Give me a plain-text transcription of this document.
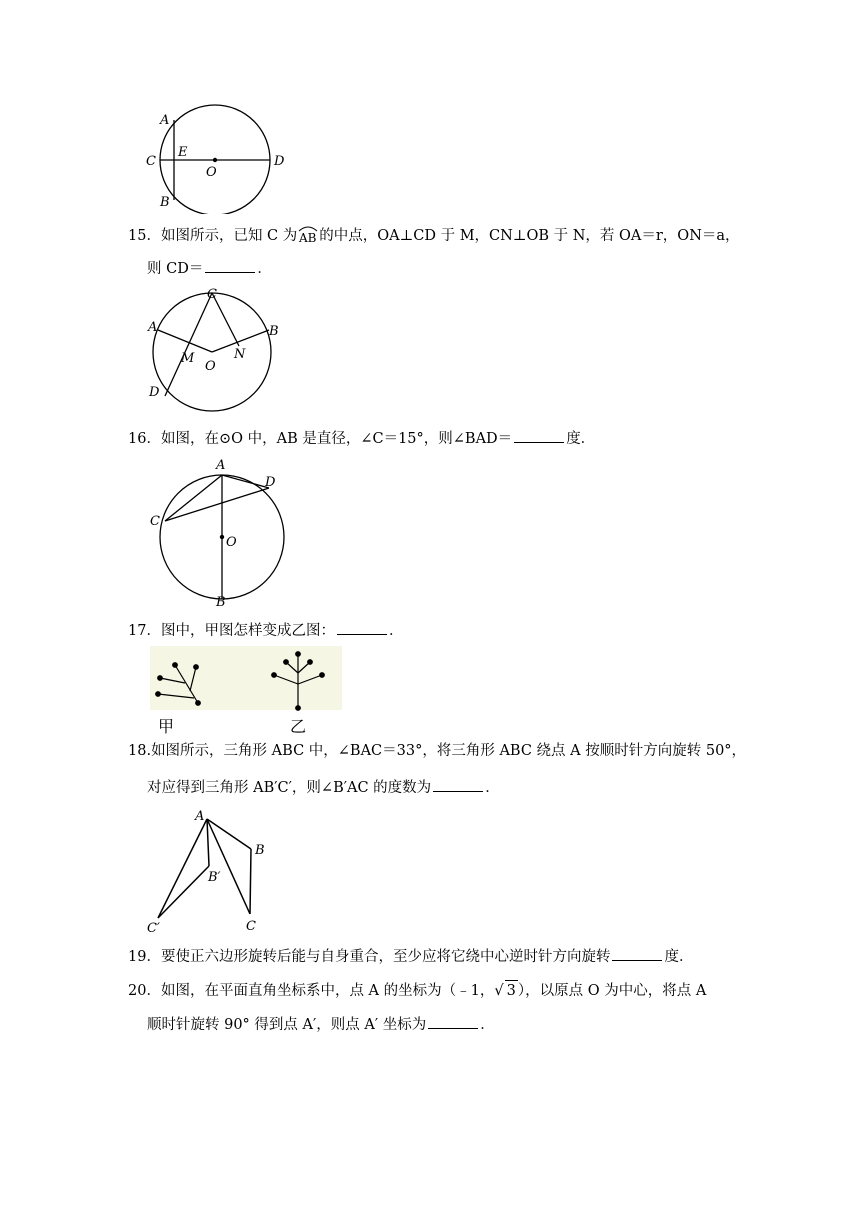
A
E
C
O
D
B
15．如图所示，已知 C 为 AB 的中点，OA⊥CD 于 M，CN⊥OB 于 N，若 OA＝r，ON＝a，
则 CD＝	．
C
A	B
M	N
O
D
16．如图，在⊙O 中，AB 是直径，∠C＝15°，则∠BAD＝	度．
A
D
C
O
B
17．图中，甲图怎样变成乙图：	．
甲	乙
18.如图所示，三角形 ABC 中，∠BAC＝33°，将三角形 ABC 绕点 A 按顺时针方向旋转 50°，
对应得到三角形 AB′C′，则∠B′AC 的度数为	．
A
B
B′
C′	C
19．要使正六边形旋转后能与自身重合，至少应将它绕中心逆时针方向旋转	度．
20．如图，在平面直角坐标系中，点 A 的坐标为（﹣1，√ 3 ），以原点 O 为中心，将点 A
顺时针旋转 90° 得到点 A′，则点 A′ 坐标为	．
